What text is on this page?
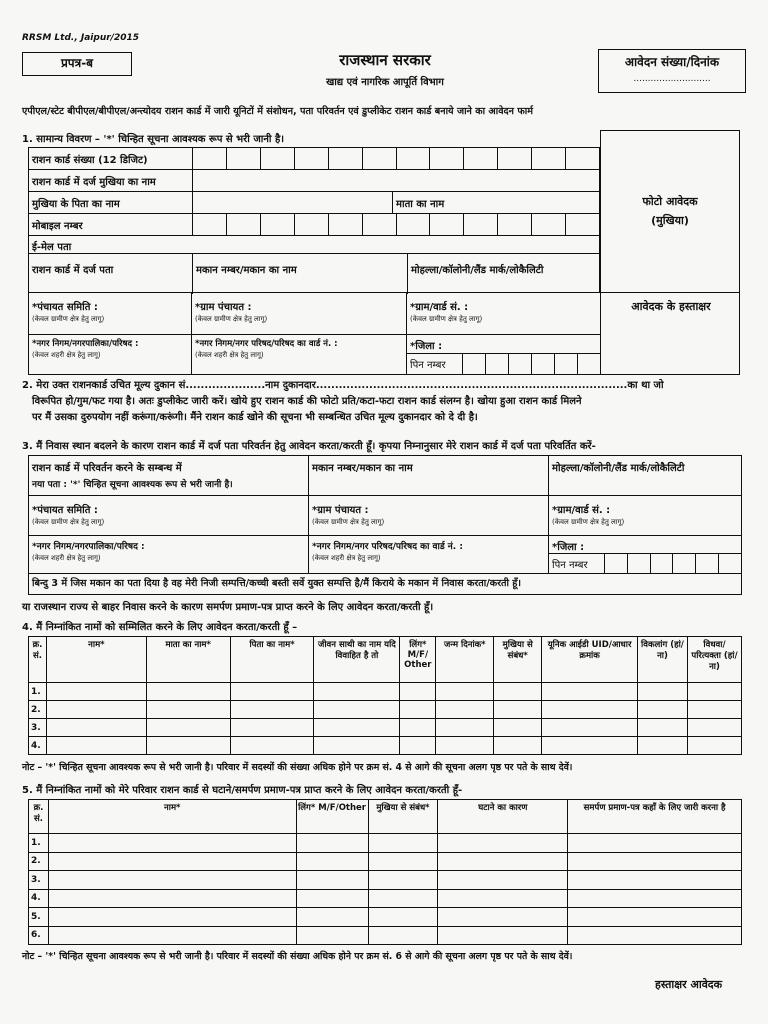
RRSM Ltd., Jaipur/2015
प्रपत्र-ब	राजस्थान सरकार
खाद्य एवं नागरिक आपूर्ति विभाग
आवेदन संख्या/दिनांक
...........................
एपीएल/स्टेट बीपीएल/बीपीएल/अन्त्योदय राशन कार्ड में जारी यूनिटों में संशोधन, पता परिवर्तन एवं डुप्लीकेट राशन कार्ड बनाये जाने का आवेदन फार्म
1. सामान्य विवरण – '*' चिन्हित सूचना आवश्यक रूप से भरी जानी है।
राशन कार्ड संख्या (12 डिजिट)
राशन कार्ड में दर्ज मुखिया का नाम
मुखिया के पिता का नाम	माता का नाम
मोबाइल नम्बर
ई-मेल पता
राशन कार्ड में दर्ज पता	मकान नम्बर/मकान का नाम	मोहल्ला/कॉलोनी/लैंड मार्क/लोकैलिटी
फोटो आवेदक
(मुखिया)
*पंचायत समिति :
(केवल ग्रामीण क्षेत्र हेतु लागू)
*ग्राम पंचायत :
(केवल ग्रामीण क्षेत्र हेतु लागू)
*ग्राम/वार्ड सं. :
(केवल ग्रामीण क्षेत्र हेतु लागू)
आवेदक के हस्ताक्षर
*नगर निगम/नगरपालिका/परिषद :
(केवल शहरी क्षेत्र हेतु लागू)
*नगर निगम/नगर परिषद/परिषद का वार्ड नं. :
(केवल शहरी क्षेत्र हेतु लागू)
*जिला :
पिन नम्बर
2. मेरा उक्त राशनकार्ड उचित मूल्य दुकान सं.....................नाम दुकानदार..................................................................................का था जो
विरूपित हो/गुम/फट गया है। अतः डुप्लीकेट जारी करें। खोये हुए राशन कार्ड की फोटो प्रति/कटा-फटा राशन कार्ड संलग्न है। खोया हुआ राशन कार्ड मिलने
पर मैं उसका दुरुपयोग नहीं करूंगा/करूंगी। मैंने राशन कार्ड खोने की सूचना भी सम्बन्धित उचित मूल्य दुकानदार को दे दी है।
3. मैं निवास स्थान बदलने के कारण राशन कार्ड में दर्ज पता परिवर्तन हेतु आवेदन करता/करती हूँ। कृपया निम्नानुसार मेरे राशन कार्ड में दर्ज पता परिवर्तित करें-
राशन कार्ड में परिवर्तन करने के सम्बन्ध में
नया पता : '*' चिन्हित सूचना आवश्यक रूप से भरी जानी है।
मकान नम्बर/मकान का नाम	मोहल्ला/कॉलोनी/लैंड मार्क/लोकैलिटी
*पंचायत समिति :
(केवल ग्रामीण क्षेत्र हेतु लागू)
*ग्राम पंचायत :
(केवल ग्रामीण क्षेत्र हेतु लागू)
*ग्राम/वार्ड सं. :
(केवल ग्रामीण क्षेत्र हेतु लागू)
*नगर निगम/नगरपालिका/परिषद :
(केवल शहरी क्षेत्र हेतु लागू)
*नगर निगम/नगर परिषद/परिषद का वार्ड नं. :
(केवल शहरी क्षेत्र हेतु लागू)
*जिला :
पिन नम्बर
बिन्दु 3 में जिस मकान का पता दिया है वह मेरी निजी सम्पत्ति/कच्ची बस्ती सर्वे युक्त सम्पत्ति है/मैं किराये के मकान में निवास करता/करती हूँ।
या राजस्थान राज्य से बाहर निवास करने के कारण समर्पण प्रमाण-पत्र प्राप्त करने के लिए आवेदन करता/करती हूँ।
4. मैं निम्नांकित नामों को सम्मिलित करने के लिए आवेदन करता/करती हूँ –
क्र. सं.	नाम*	माता का नाम*	पिता का नाम*	जीवन साथी का नाम यदि विवाहित है तो	लिंग* M/F/ Other	जन्म दिनांक*	मुखिया से संबंध*	यूनिक आईडी UID/आधार क्रमांक	विकलांग (हां/ना)	विधवा/ परित्यक्ता (हां/ना)
1.										
2.										
3.										
4.										
नोट – '*' चिन्हित सूचना आवश्यक रूप से भरी जानी है। परिवार में सदस्यों की संख्या अधिक होने पर क्रम सं. 4 से आगे की सूचना अलग पृष्ठ पर पते के साथ देवें।
5. मैं निम्नांकित नामों को मेरे परिवार राशन कार्ड से घटाने/समर्पण प्रमाण-पत्र प्राप्त करने के लिए आवेदन करता/करती हूँ-
क्र. सं.	नाम*	लिंग* M/F/Other	मुखिया से संबंध*	घटाने का कारण	समर्पण प्रमाण-पत्र कहाँ के लिए जारी करना है
1.					
2.					
3.					
4.					
5.					
6.					
नोट – '*' चिन्हित सूचना आवश्यक रूप से भरी जानी है। परिवार में सदस्यों की संख्या अधिक होने पर क्रम सं. 6 से आगे की सूचना अलग पृष्ठ पर पते के साथ देवें।
हस्ताक्षर आवेदक
